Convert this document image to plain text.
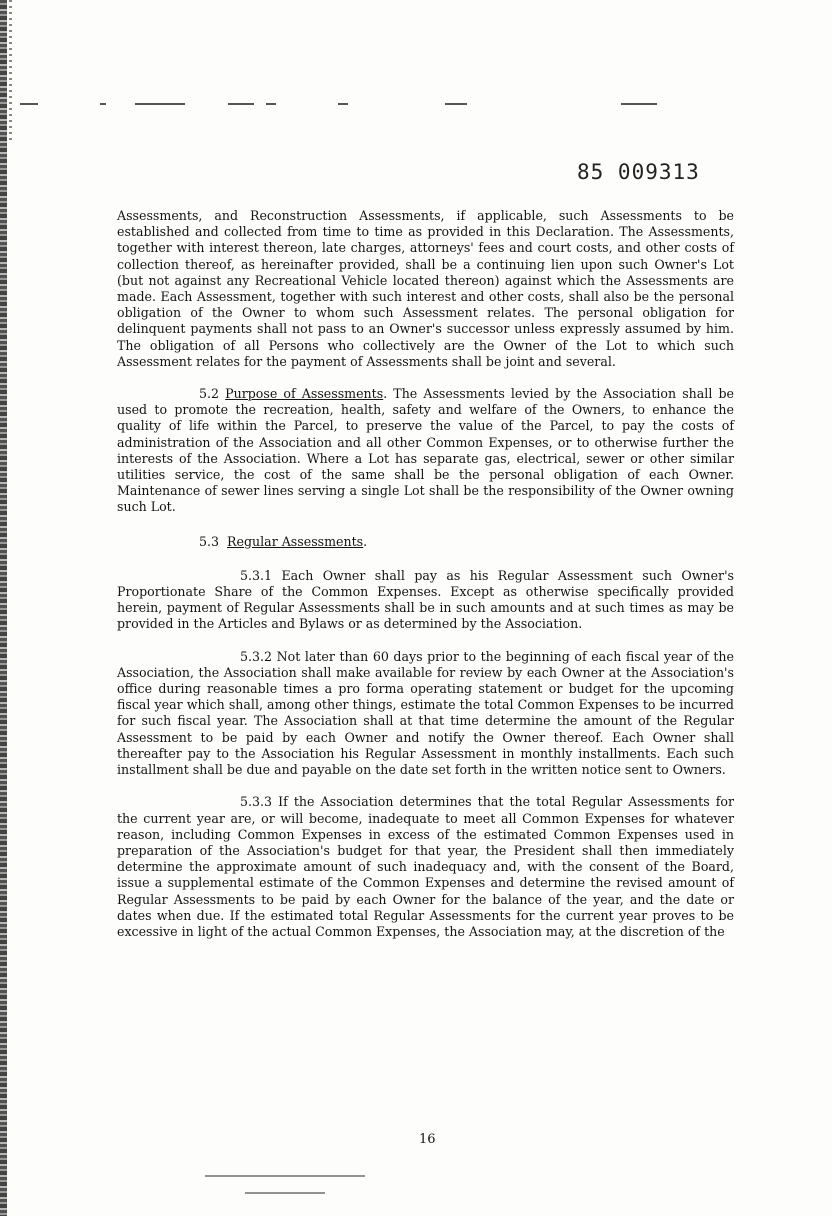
85 009313

Assessments, and Reconstruction Assessments, if applicable, such Assessments to be established and collected from time to time as provided in this Declaration. The Assessments, together with interest thereon, late charges, attorneys' fees and court costs, and other costs of collection thereof, as hereinafter provided, shall be a continuing lien upon such Owner's Lot (but not against any Recreational Vehicle located thereon) against which the Assessments are made. Each Assessment, together with such interest and other costs, shall also be the personal obligation of the Owner to whom such Assessment relates. The personal obligation for delinquent payments shall not pass to an Owner's successor unless expressly assumed by him. The obligation of all Persons who collectively are the Owner of the Lot to which such Assessment relates for the payment of Assessments shall be joint and several.

5.2 Purpose of Assessments. The Assessments levied by the Association shall be used to promote the recreation, health, safety and welfare of the Owners, to enhance the quality of life within the Parcel, to preserve the value of the Parcel, to pay the costs of administration of the Association and all other Common Expenses, or to otherwise further the interests of the Association. Where a Lot has separate gas, electrical, sewer or other similar utilities service, the cost of the same shall be the personal obligation of each Owner. Maintenance of sewer lines serving a single Lot shall be the responsibility of the Owner owning such Lot.

5.3 Regular Assessments.

5.3.1 Each Owner shall pay as his Regular Assessment such Owner's Proportionate Share of the Common Expenses. Except as otherwise specifically provided herein, payment of Regular Assessments shall be in such amounts and at such times as may be provided in the Articles and Bylaws or as determined by the Association.

5.3.2 Not later than 60 days prior to the beginning of each fiscal year of the Association, the Association shall make available for review by each Owner at the Association's office during reasonable times a pro forma operating statement or budget for the upcoming fiscal year which shall, among other things, estimate the total Common Expenses to be incurred for such fiscal year. The Association shall at that time determine the amount of the Regular Assessment to be paid by each Owner and notify the Owner thereof. Each Owner shall thereafter pay to the Association his Regular Assessment in monthly installments. Each such installment shall be due and payable on the date set forth in the written notice sent to Owners.

5.3.3 If the Association determines that the total Regular Assessments for the current year are, or will become, inadequate to meet all Common Expenses for whatever reason, including Common Expenses in excess of the estimated Common Expenses used in preparation of the Association's budget for that year, the President shall then immediately determine the approximate amount of such inadequacy and, with the consent of the Board, issue a supplemental estimate of the Common Expenses and determine the revised amount of Regular Assessments to be paid by each Owner for the balance of the year, and the date or dates when due. If the estimated total Regular Assessments for the current year proves to be excessive in light of the actual Common Expenses, the Association may, at the discretion of the

16
